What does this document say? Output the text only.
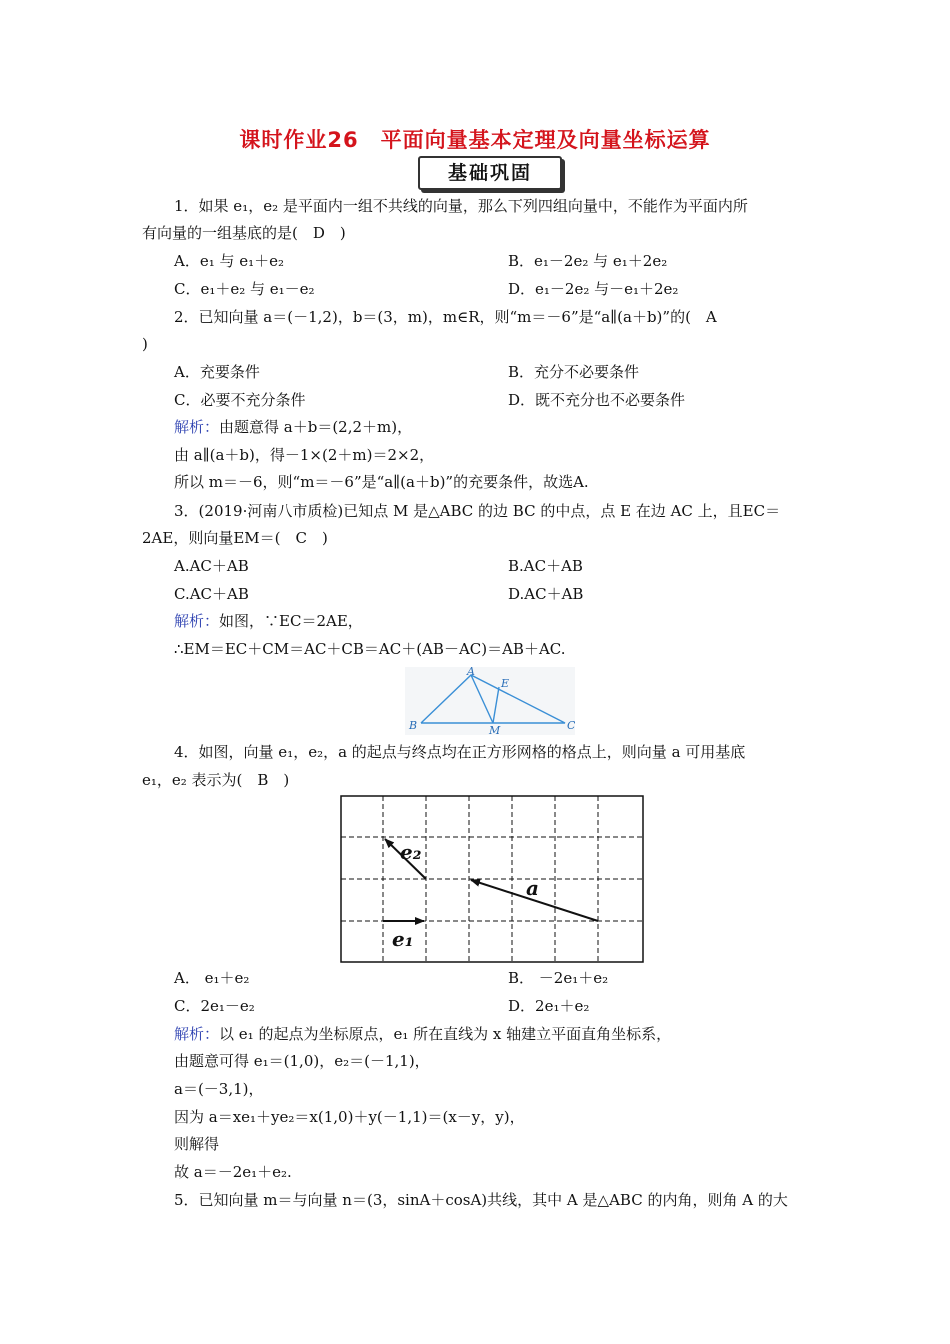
课时作业26　平面向量基本定理及向量坐标运算
基础巩固
1．如果 e₁，e₂ 是平面内一组不共线的向量，那么下列四组向量中，不能作为平面内所
有向量的一组基底的是(　D　)
A．e₁ 与 e₁＋e₂	B．e₁－2e₂ 与 e₁＋2e₂
C．e₁＋e₂ 与 e₁－e₂	D．e₁－2e₂ 与－e₁＋2e₂
2．已知向量 a＝(－1,2)，b＝(3，m)，m∈R，则“m＝－6”是“a∥(a＋b)”的(　A
)
A．充要条件	B．充分不必要条件
C．必要不充分条件	D．既不充分也不必要条件
解析：由题意得 a＋b＝(2,2＋m)，
由 a∥(a＋b)，得－1×(2＋m)＝2×2，
所以 m＝－6，则“m＝－6”是“a∥(a＋b)”的充要条件，故选A.
3．(2019·河南八市质检)已知点 M 是△ABC 的边 BC 的中点，点 E 在边 AC 上，且EC＝
2AE，则向量EM＝(　C　)
A.AC＋AB	B.AC＋AB
C.AC＋AB	D.AC＋AB
解析：如图，∵EC＝2AE，
∴EM＝EC＋CM＝AC＋CB＝AC＋(AB－AC)＝AB＋AC.
A
E
B	M	C
4．如图，向量 e₁，e₂，a 的起点与终点均在正方形网格的格点上，则向量 a 可用基底
e₁，e₂ 表示为(　B　)
e₁
e₂
a
A． e₁＋e₂	B． －2e₁＋e₂
C．2e₁－e₂	D．2e₁＋e₂
解析：以 e₁ 的起点为坐标原点，e₁ 所在直线为 x 轴建立平面直角坐标系，
由题意可得 e₁＝(1,0)，e₂＝(－1,1)，
a＝(－3,1)，
因为 a＝xe₁＋ye₂＝x(1,0)＋y(－1,1)＝(x－y，y)，
则解得
故 a＝－2e₁＋e₂.
5．已知向量 m＝与向量 n＝(3，sinA＋cosA)共线，其中 A 是△ABC 的内角，则角 A 的大
